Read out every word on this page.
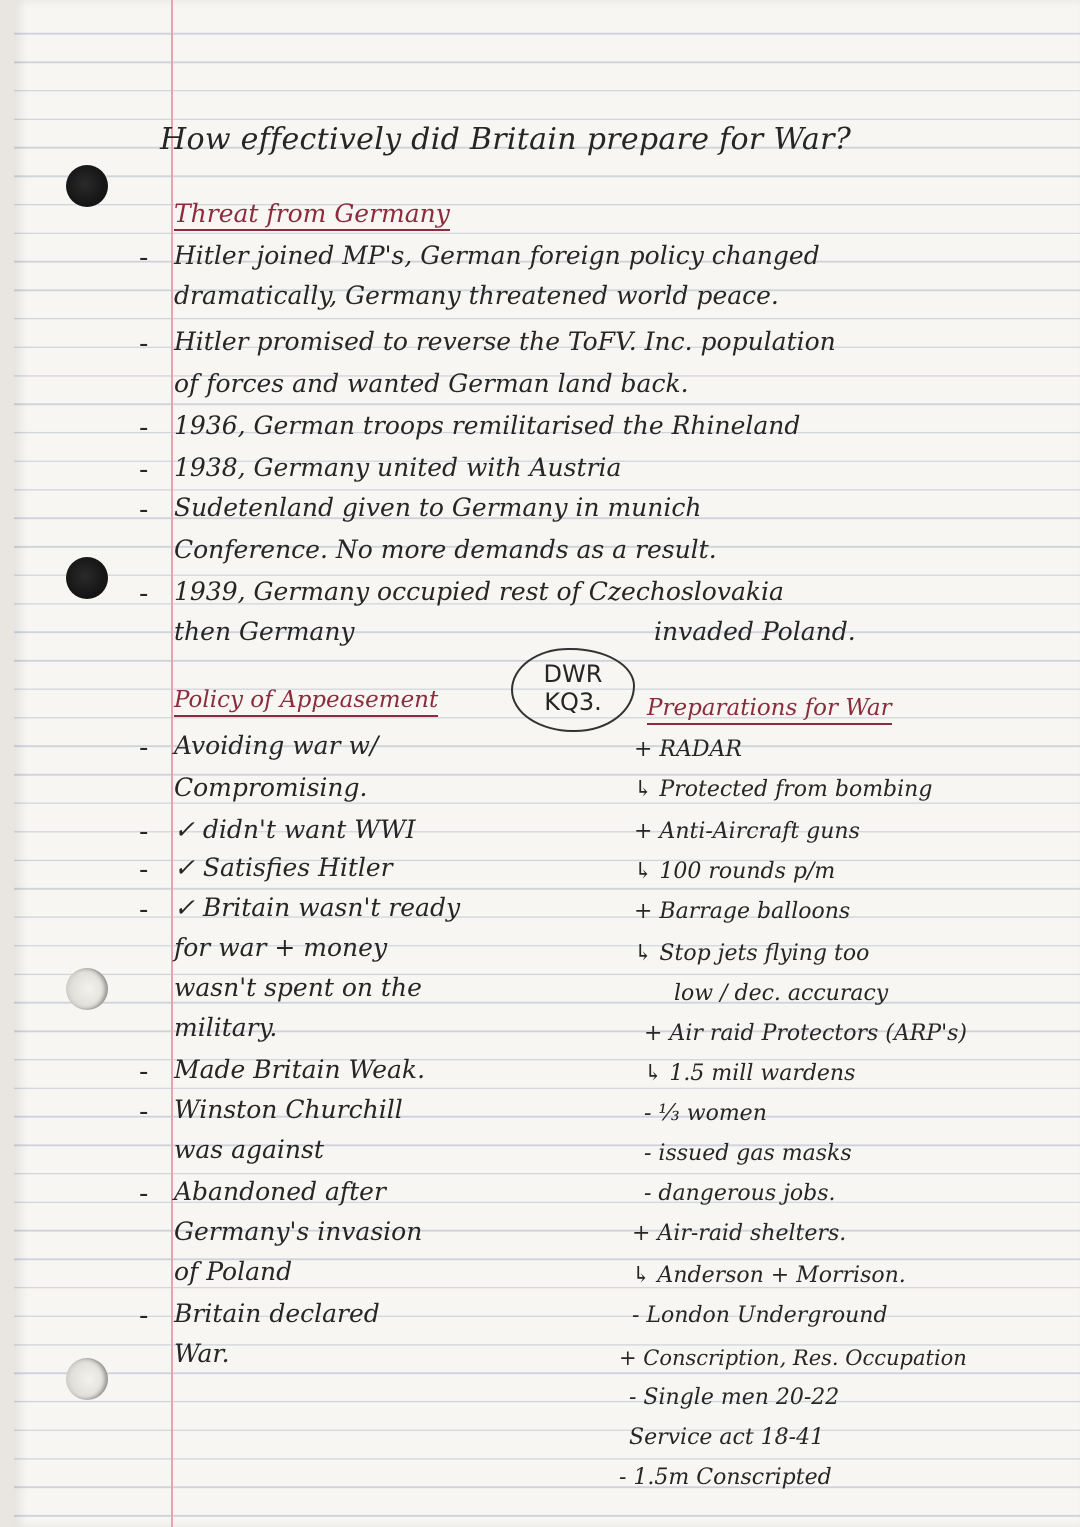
How effectively did Britain prepare for War?
Threat from Germany
- Hitler joined MP's, German foreign policy changed
dramatically, Germany threatened world peace.
- Hitler promised to reverse the ToFV. Inc. population
of forces and wanted German land back.
- 1936, German troops remilitarised the Rhineland
- 1938, Germany united with Austria
- Sudetenland given to Germany in munich
Conference. No more demands as a result.
- 1939, Germany occupied rest of Czechoslovakia
then Germany	invaded Poland.
DWR
KQ3.
Policy of Appeasement
- Avoiding war w/
Compromising.
- ✓ didn't want WWI
- ✓ Satisfies Hitler
- ✓ Britain wasn't ready
for war + money
wasn't spent on the
military.
- Made Britain Weak.
- Winston Churchill
was against
- Abandoned after
Germany's invasion
of Poland
- Britain declared
War.
Preparations for War
+ RADAR
↳ Protected from bombing
+ Anti-Aircraft guns
↳ 100 rounds p/m
+ Barrage balloons
↳ Stop jets flying too
low / dec. accuracy
+ Air raid Protectors (ARP's)
↳ 1.5 mill wardens
- ⅓ women
- issued gas masks
- dangerous jobs.
+ Air-raid shelters.
↳ Anderson + Morrison.
- London Underground
+ Conscription, Res. Occupation
- Single men 20-22
Service act 18-41
- 1.5m Conscripted
